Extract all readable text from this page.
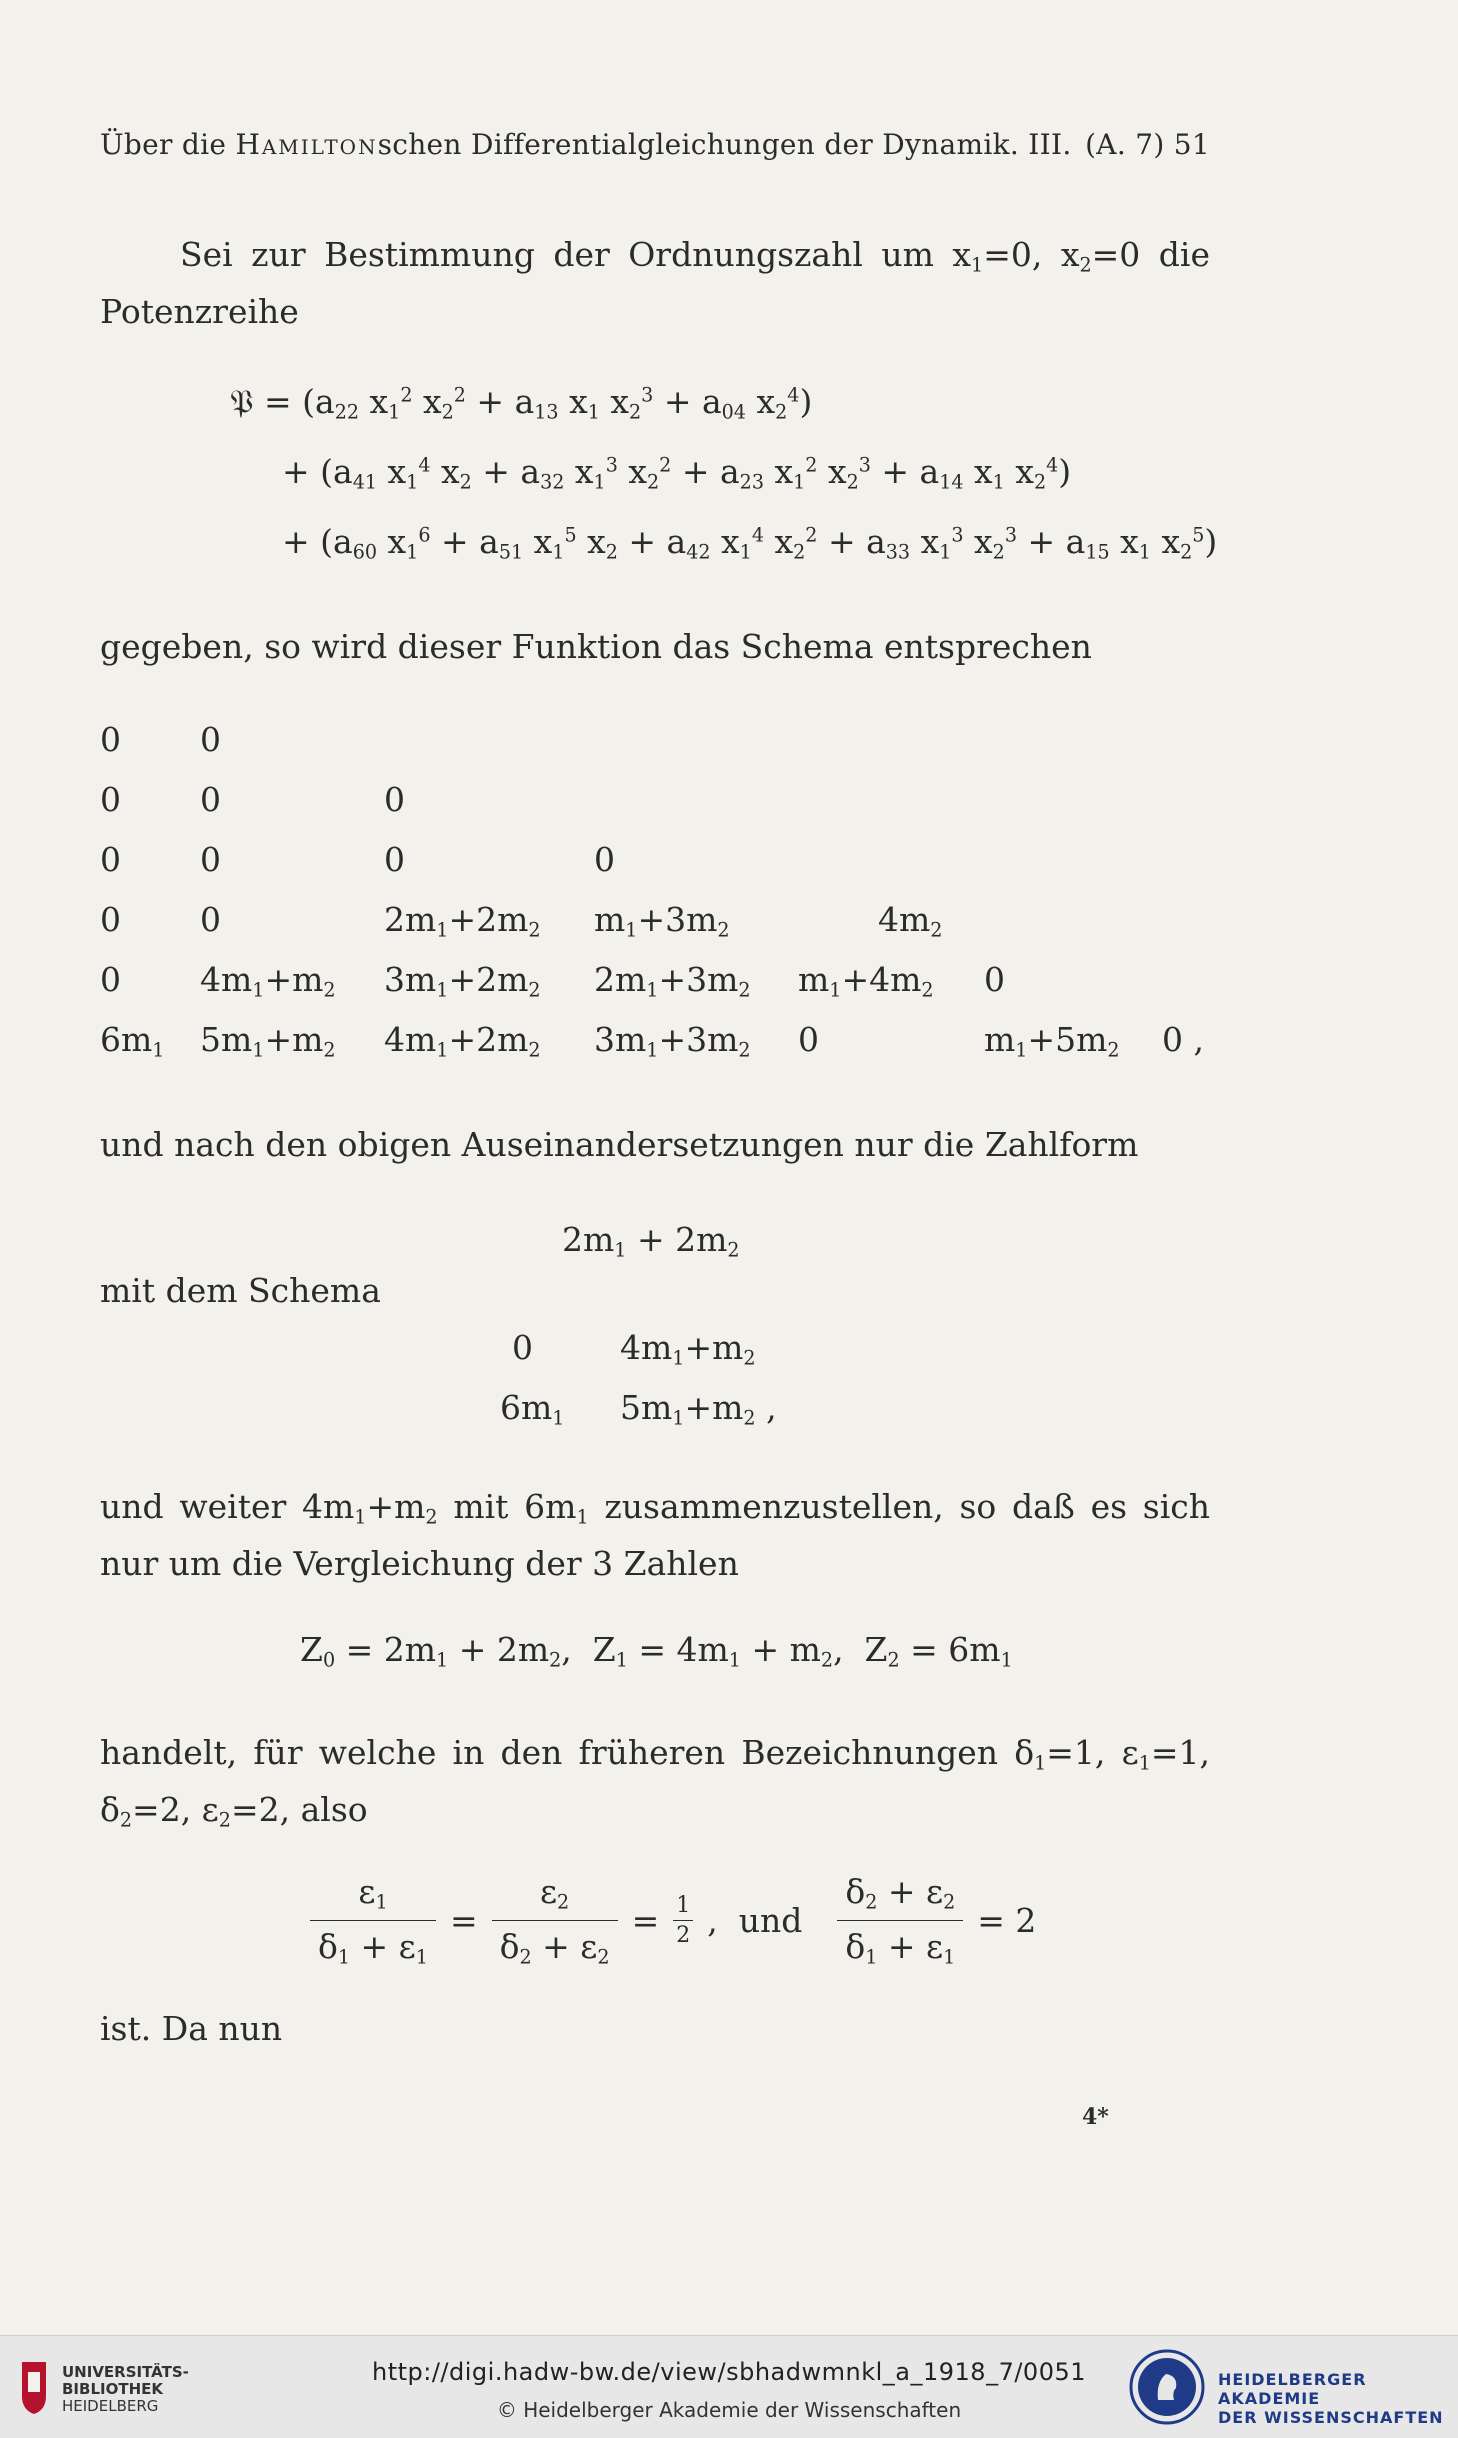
Über die Hamiltonschen Differentialgleichungen der Dynamik. III. (A. 7) 51
Sei zur Bestimmung der Ordnungszahl um $x_1=0$, $x_2=0$ die
Potenzreihe
𝔓 = ($a_{22}$ $x_1^2$ $x_2^2 + a_{13}$ $x_1$ $x_2^3 + a_{04}$ $x_2^4$)
+ ($a_{41}$ $x_1^4$ $x_2 + a_{32}$ $x_1^3$ $x_2^2 + a_{23}$ $x_1^2$ $x_2^3 + a_{14}$ $x_1$ $x_2^4$)
+ ($a_{60}$ $x_1^6 + a_{51}$ $x_1^5$ $x_2 + a_{42}$ $x_1^4$ $x_2^2 + a_{33}$ $x_1^3$ $x_2^3 + a_{15}$ $x_1$ $x_2^5$)
gegeben, so wird dieser Funktion das Schema entsprechen
0 0
0 0	0
0 0	0	0
0 0	$2m_1+2m_2$ $m_1+3m_2$	$4m_2$
0 $4m_1+m_2$ $3m_1+2m_2$ $2m_1+3m_2$ $m_1+4m_2$ 0
$6m_1$ $5m_1+m_2$ $4m_1+2m_2$ $3m_1+3m_2$ 0	$m_1+5m_2$ 0 ,
und nach den obigen Auseinandersetzungen nur die Zahlform
$2m_1 + 2m_2$
mit dem Schema
0	$4m_1+m_2$
$6m_1$ $5m_1+m_2$ ,
und weiter $4m_1+m_2$ mit $6m_1$ zusammenzustellen, so daß es sich
nur um die Vergleichung der 3 Zahlen
$Z_0 = 2m_1 + 2m_2$,  $Z_1 = 4m_1 + m_2$,  $Z_2 = 6m_1$
handelt, für welche in den früheren Bezeichnungen $\delta_1=1$, $\varepsilon_1=1$,
$\delta_2=2$, $\varepsilon_2=2$, also
$\frac{\varepsilon_1}{\delta_1 + \varepsilon_1} = \frac{\varepsilon_2}{\delta_2 + \varepsilon_2} = \frac{1}{2}$ ,  und	$\frac{\delta_2 + \varepsilon_2}{\delta_1 + \varepsilon_1} = 2$
ist. Da nun
4*
UNIVERSITÄTS-
BIBLIOTHEK
HEIDELBERG
http://digi.hadw-bw.de/view/sbhadwmnkl_a_1918_7/0051
© Heidelberger Akademie der Wissenschaften
HEIDELBERGER AKADEMIE
DER WISSENSCHAFTEN
